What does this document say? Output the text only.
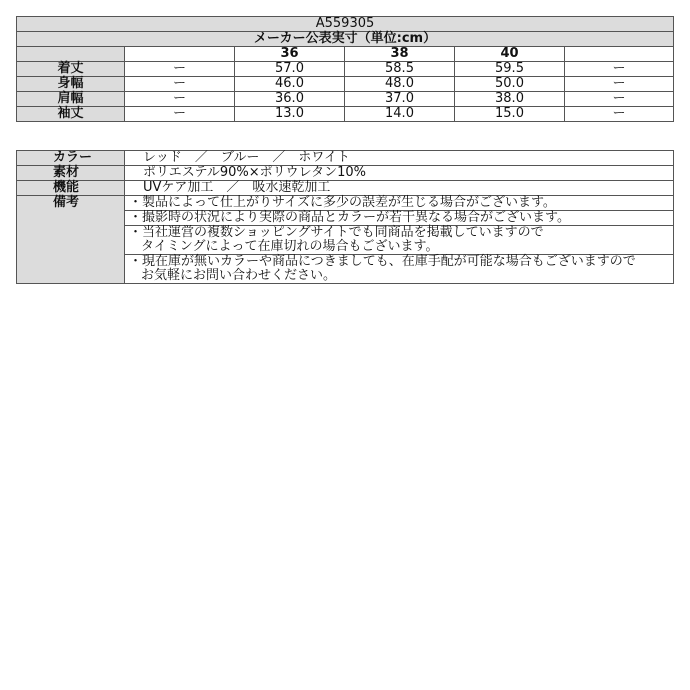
A559305					
メーカー公表実寸（単位:cm）					
		36	38	40	
着丈	ー	57.0	58.5	59.5	ー
身幅	ー	46.0	48.0	50.0	ー
肩幅	ー	36.0	37.0	38.0	ー
袖丈	ー	13.0	14.0	15.0	ー
カラー	レッド　／　ブルー　／　ホワイト
素材	ポリエステル90%×ポリウレタン10%
機能	UVケア加工　／　吸水速乾加工
備考	・製品によって仕上がりサイズに多少の誤差が生じる場合がございます。

	・撮影時の状況により実際の商品とカラーが若干異なる場合がございます。

	・当社運営の複数ショッピングサイトでも同商品を掲載していますので
タイミングによって在庫切れの場合もございます。

	・現在庫が無いカラーや商品につきましても、在庫手配が可能な場合もございますので
お気軽にお問い合わせください。
